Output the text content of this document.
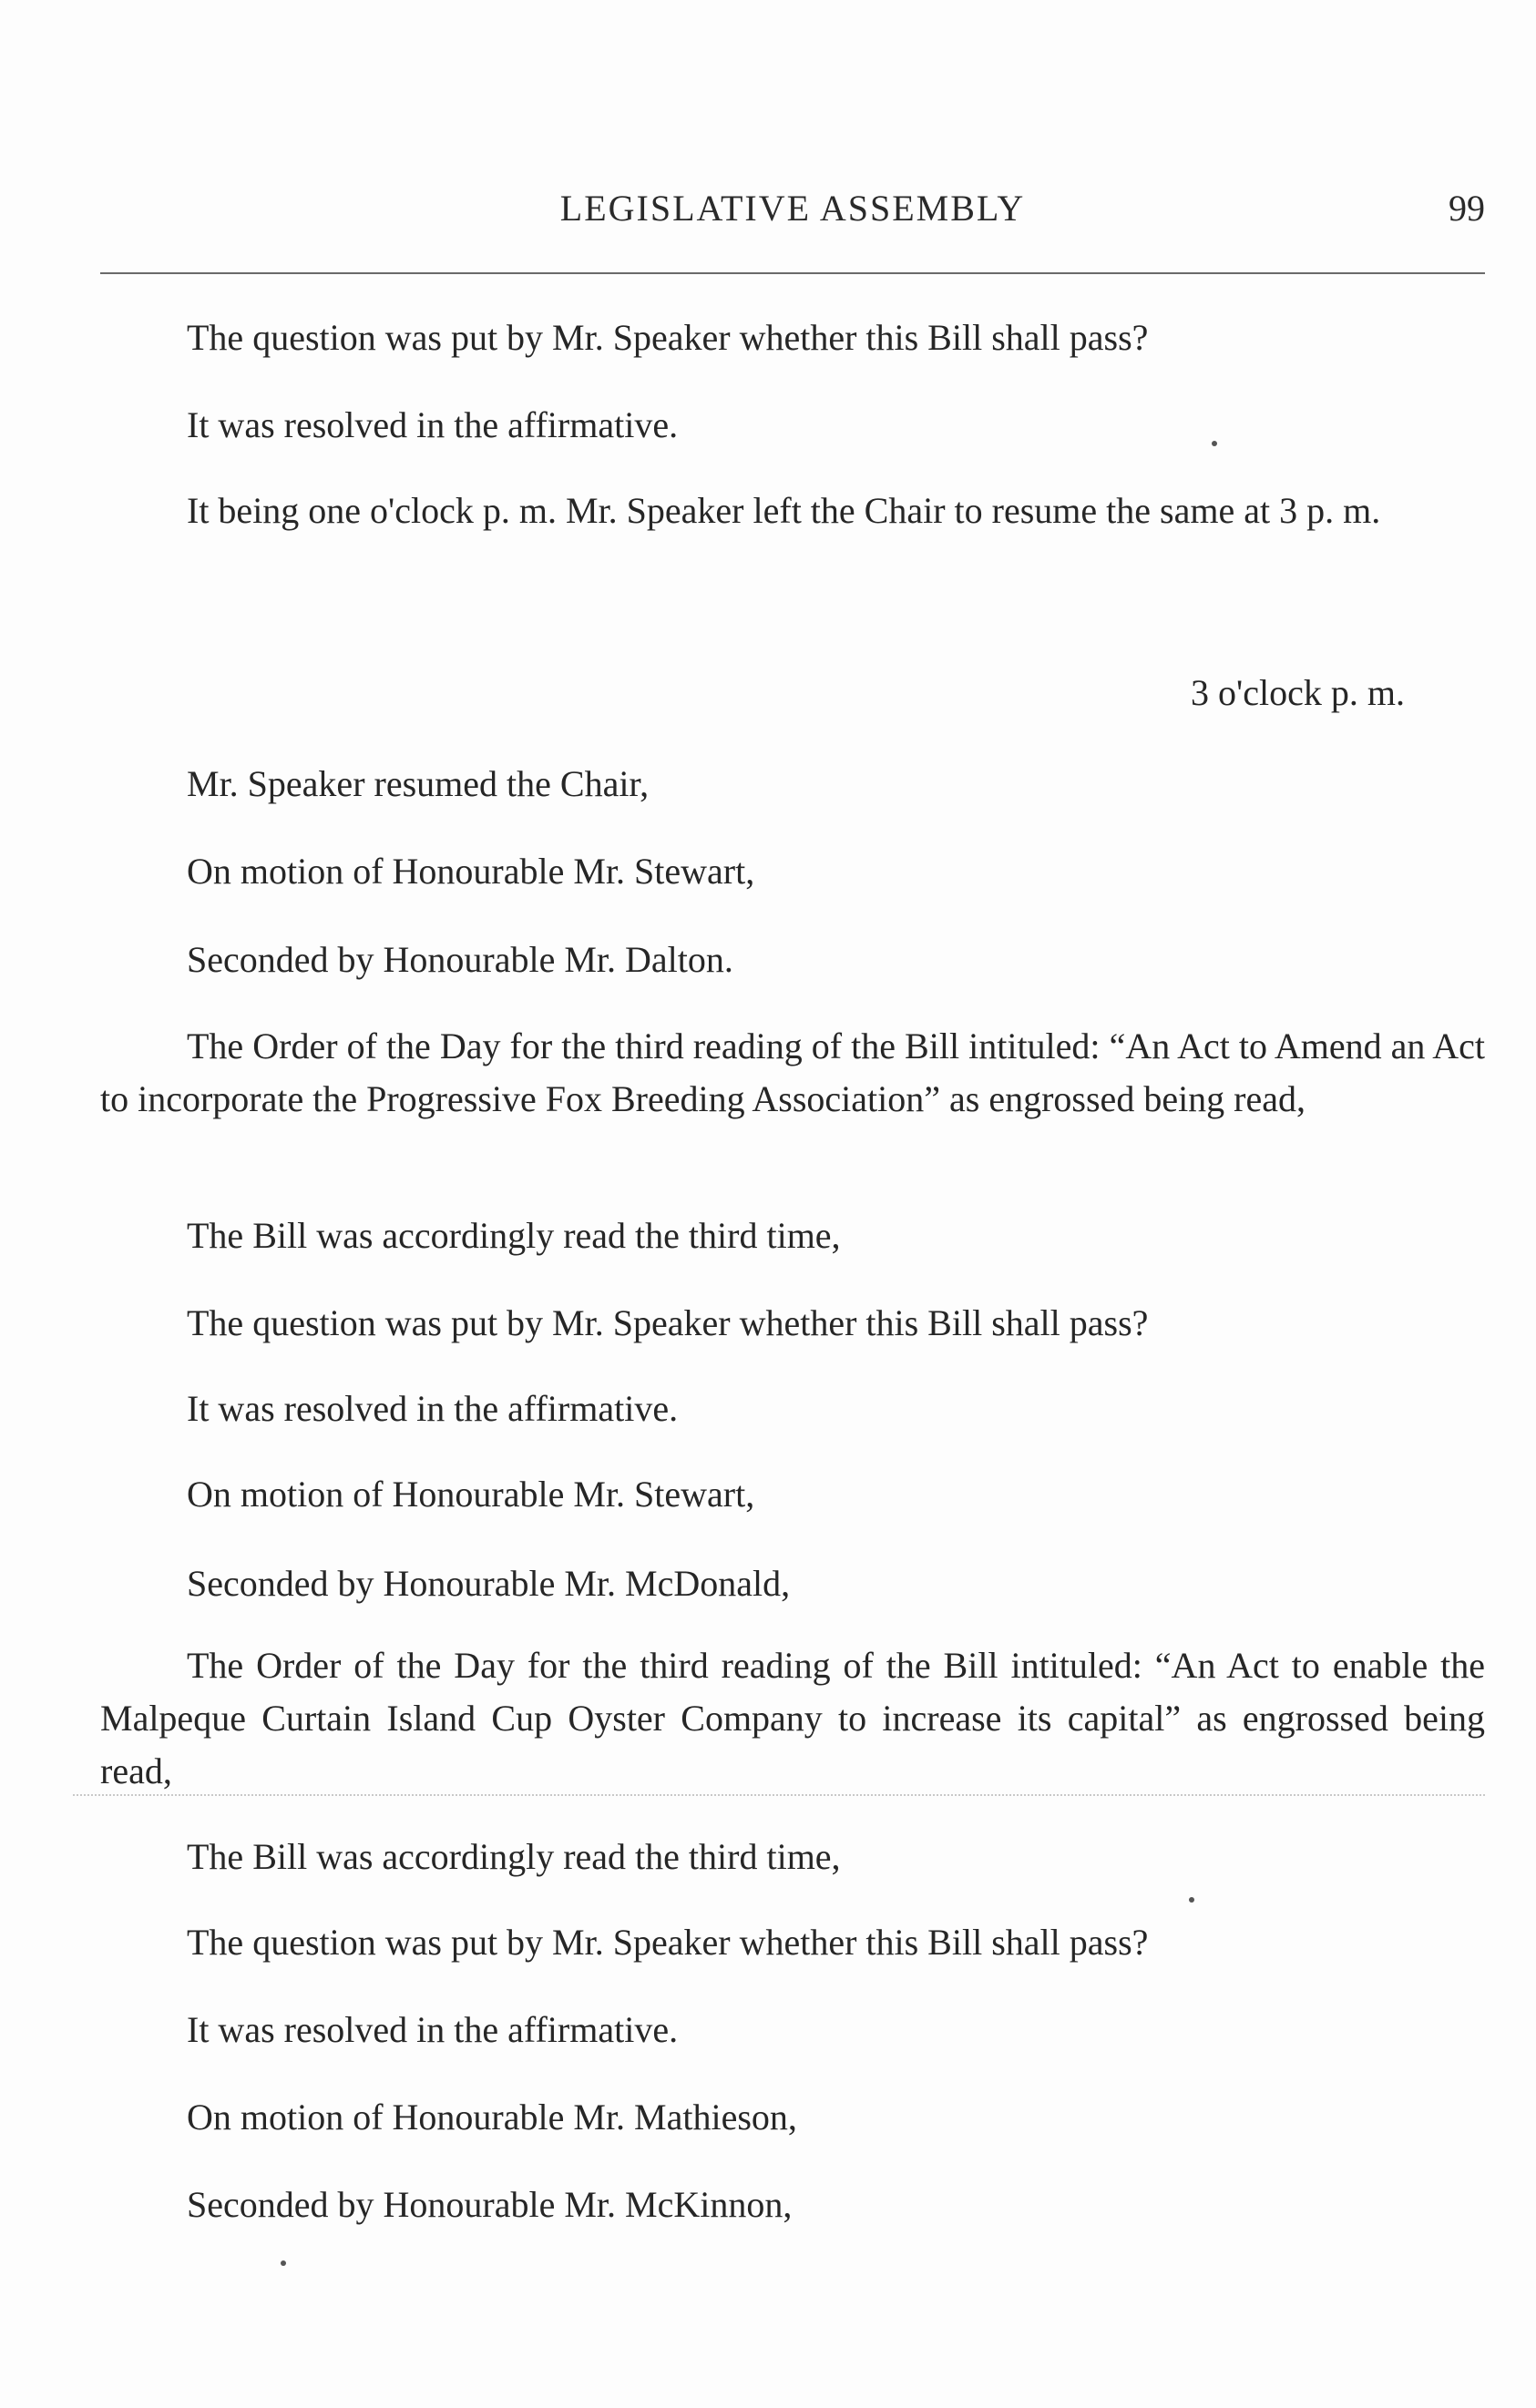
LEGISLATIVE ASSEMBLY	99
The question was put by Mr. Speaker whether this Bill shall pass?
It was resolved in the affirmative.
It being one o'clock p. m. Mr. Speaker left the Chair to resume the same at 3 p. m.
3 o'clock p. m.
Mr. Speaker resumed the Chair,
On motion of Honourable Mr. Stewart,
Seconded by Honourable Mr. Dalton.
The Order of the Day for the third reading of the Bill intituled: “An Act to Amend an Act to incorporate the Progressive Fox Breeding Association” as engrossed being read,
The Bill was accordingly read the third time,
The question was put by Mr. Speaker whether this Bill shall pass?
It was resolved in the affirmative.
On motion of Honourable Mr. Stewart,
Seconded by Honourable Mr. McDonald,
The Order of the Day for the third reading of the Bill intituled: “An Act to enable the Malpeque Curtain Island Cup Oyster Company to increase its capital” as engrossed being read,
The Bill was accordingly read the third time,
The question was put by Mr. Speaker whether this Bill shall pass?
It was resolved in the affirmative.
On motion of Honourable Mr. Mathieson,
Seconded by Honourable Mr. McKinnon,
